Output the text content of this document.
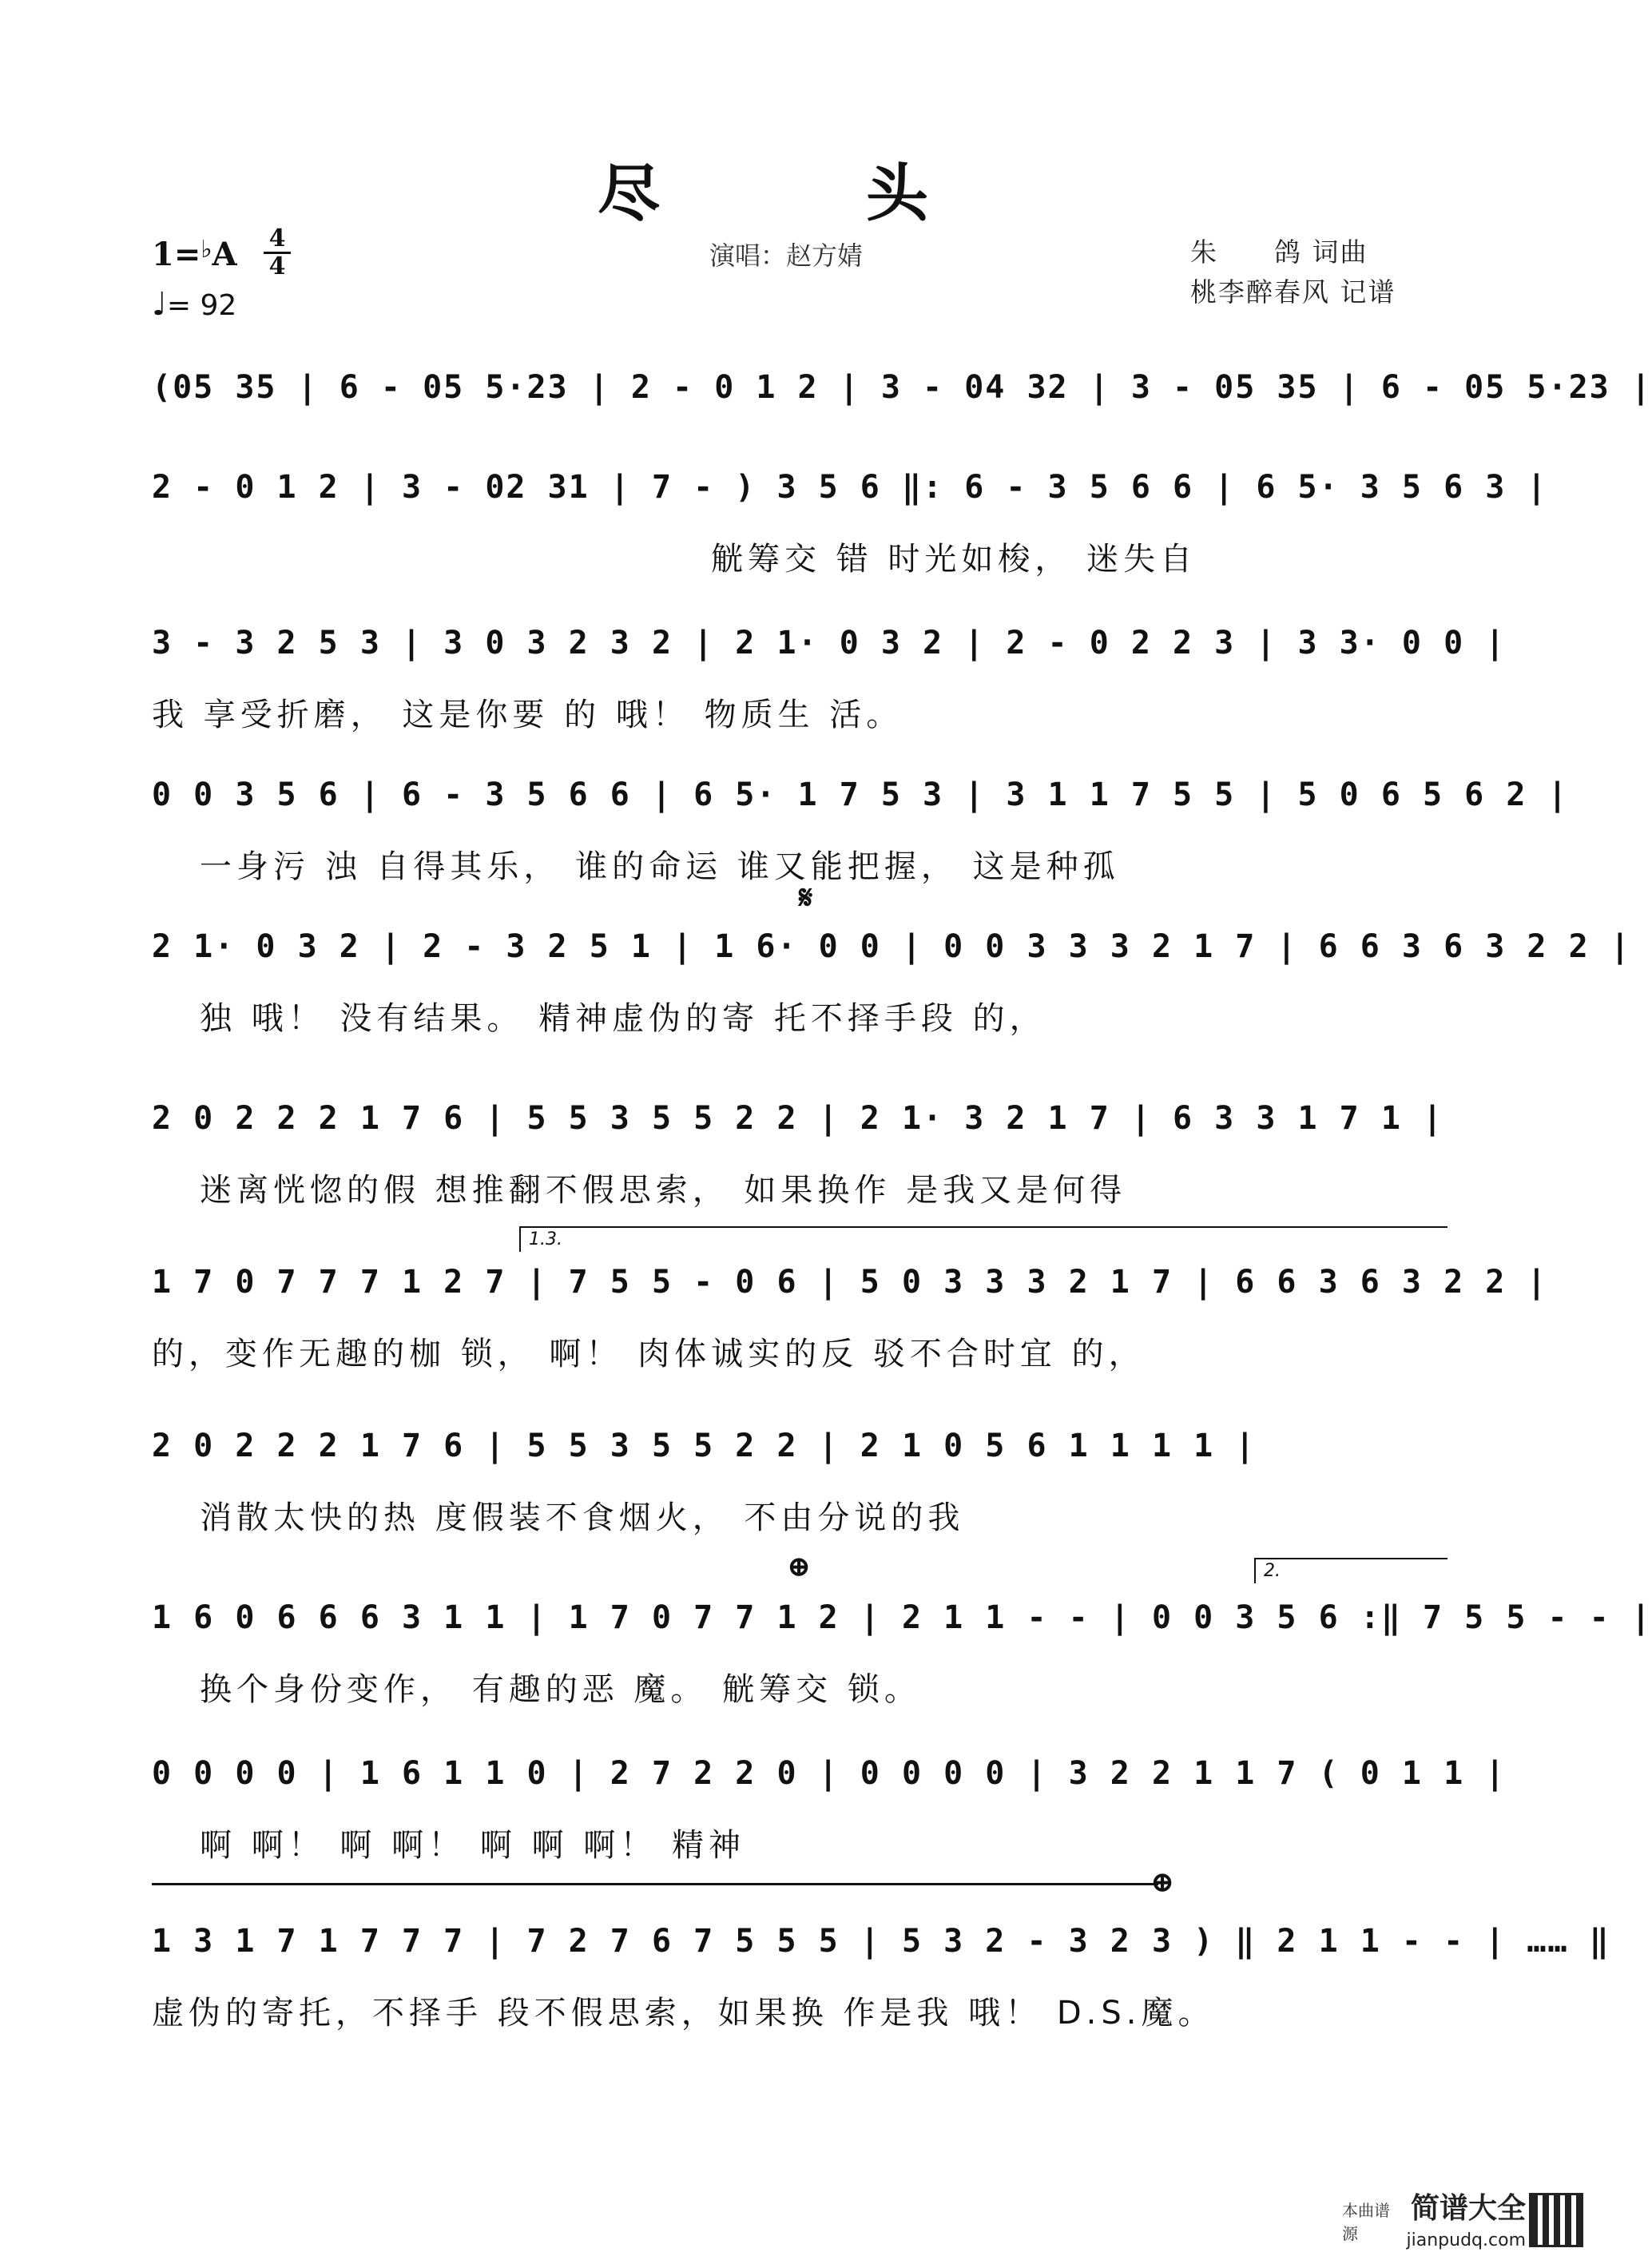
尽　头
演唱：赵方婧	朱　　鸽 词曲
桃李醉春风 记谱
1=♭A 4
4
♩= 92
(05 35 | 6 - 05 5·23 | 2 - 0 1 2 | 3 - 04 32 | 3 - 05 35 | 6 - 05 5·23 |
2 - 0 1 2 | 3 - 02 31 | 7 - ) 3 5 6 ‖: 6 - 3 5 6 6 | 6 5· 3 5 6 3 |
觥筹交 错 时光如梭， 迷失自
3 - 3 2 5 3 | 3 0 3 2 3 2 | 2 1· 0 3 2 | 2 - 0 2 2 3 | 3 3· 0 0 |
我 享受折磨， 这是你要 的 哦！ 物质生 活。
0 0 3 5 6 | 6 - 3 5 6 6 | 6 5· 1 7 5 3 | 3 1 1 7 5 5 | 5 0 6 5 6 2 |
一身污 浊 自得其乐， 谁的命运 谁又能把握， 这是种孤
2 1· 0 3 2 | 2 - 3 2 5 1 | 1 6· 0 0 | 0 0 3 3 3 2 1 7 | 6 6 3 6 3 2 2 |
独 哦！ 没有结果。 精神虚伪的寄 托不择手段 的，
2 0 2 2 2 1 7 6 | 5 5 3 5 5 2 2 | 2 1· 3 2 1 7 | 6 3 3 1 7 1 |
迷离恍惚的假 想推翻不假思索， 如果换作 是我又是何得
1 7 0 7 7 7 1 2 7 | 7 5 5 - 0 6 | 5 0 3 3 3 2 1 7 | 6 6 3 6 3 2 2 |
的，变作无趣的枷 锁， 啊！ 肉体诚实的反 驳不合时宜 的，
2 0 2 2 2 1 7 6 | 5 5 3 5 5 2 2 | 2 1 0 5 6 1 1 1 1 |
消散太快的热 度假装不食烟火， 不由分说的我
1 6 0 6 6 6 3 1 1 | 1 7 0 7 7 1 2 | 2 1 1 - - | 0 0 3 5 6 :‖ 7 5 5 - - |
换个身份变作， 有趣的恶 魔。 觥筹交 锁。
0 0 0 0 | 1 6 1 1 0 | 2 7 2 2 0 | 0 0 0 0 | 3 2 2 1 1 7 ( 0 1 1 |
啊 啊！ 啊 啊！ 啊 啊 啊！ 精神
1 3 1 7 1 7 7 7 | 7 2 7 6 7 5 5 5 | 5 3 2 - 3 2 3 ) ‖ 2 1 1 - - | …… ‖
虚伪的寄托，不择手 段不假思索，如果换 作是我 哦！ D.S.魔。
𝄋
⊕
⊕
1.3.
2.
本曲谱源
简谱大全
jianpudq.com
